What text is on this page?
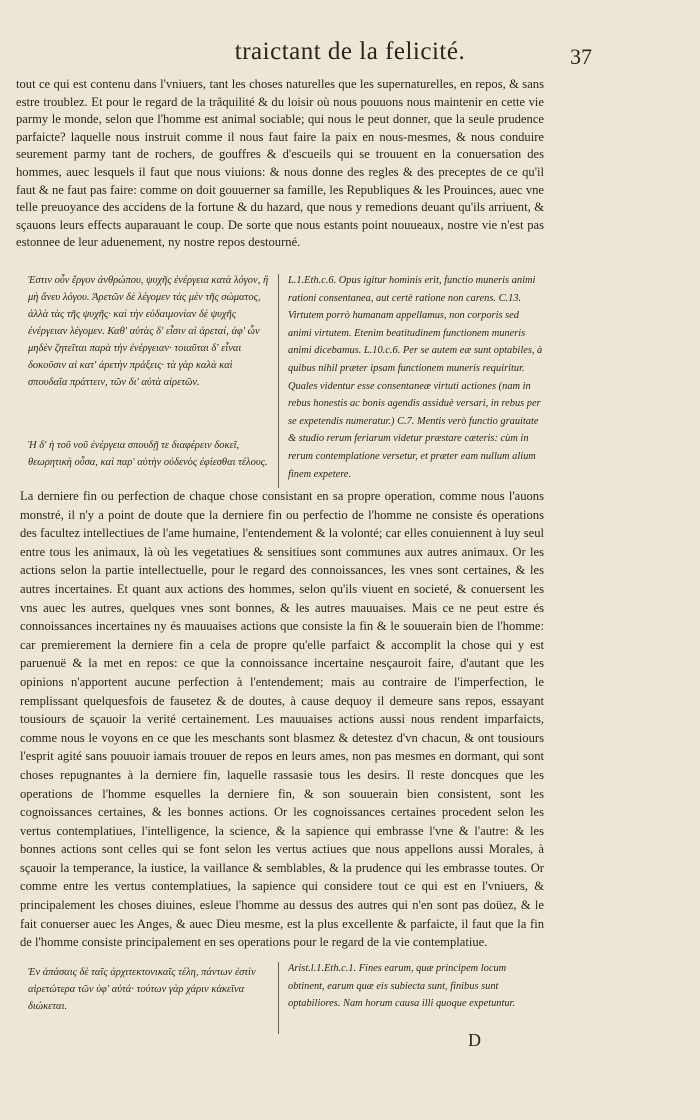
traictant de la felicité.	37

tout ce qui est contenu dans l'vniuers, tant les choses naturelles que les supernaturelles, en repos, & sans estre troublez. Et pour le regard de la trâquilité & du loisir où nous pouuons nous maintenir en cette vie parmy le monde, selon que l'homme est animal sociable; qui nous le peut donner, que la seule prudence parfaicte? laquelle nous instruit comme il nous faut faire la paix en nous-mesmes, & nous conduire seurement parmy tant de rochers, de gouffres & d'escueils qui se trouuent en la conuersation des hommes, auec lesquels il faut que nous viuions: & nous donne des regles & des preceptes de ce qu'il faut & ne faut pas faire: comme on doit gouuerner sa famille, les Republiques & les Prouinces, auec vne telle preuoyance des accidens de la fortune & du hazard, que nous y remedions deuant qu'ils arriuent, & sçauons leurs effects auparauant le coup. De sorte que nous estants point nouueaux, nostre vie n'est pas estonnee de leur aduenement, ny nostre repos destourné.

Ἐστιν οὖν ἔργον ἀνθρώπου, ψυχῆς ἐνέργεια κατὰ λόγον, ἢ μὴ ἄνευ λόγου. Ἀρετῶν δὲ λέγομεν τὰς μὲν τῆς σώματος, ἀλλὰ τὰς τῆς ψυχῆς· καὶ τὴν εὐδαιμονίαν δὲ ψυχῆς ἐνέργειαν λέγομεν. Καθ' αὐτὰς δ' εἶσιν αἱ ἀρεταί, ἀφ' ὧν μηδὲν ζητεῖται παρὰ τὴν ἐνέργειαν· τοιαῦται δ' εἶναι δοκοῦσιν αἱ κατ' ἀρετὴν πράξεις· τὰ γὰρ καλὰ καὶ σπουδαῖα πράττειν, τῶν δι' αὐτὰ αἱρετῶν.

Ἡ δ' ἡ τοῦ νοῦ ἐνέργεια σπουδῇ τε διαφέρειν δοκεῖ, θεωρητικὴ οὖσα, καὶ παρ' αὐτὴν οὐδενὸς ἐφίεσθαι τέλους.

L.1.Eth.c.6. Opus igitur hominis erit, functio muneris animi rationi consentanea, aut certè ratione non carens. C.13. Virtutem porrò humanam appellamus, non corporis sed animi virtutem. Etenim beatitudinem functionem muneris animi dicebamus. L.10.c.6. Per se autem eæ sunt optabiles, à quibus nihil præter ipsam functionem muneris requiritur. Quales videntur esse consentaneæ virtuti actiones (nam in rebus honestis ac bonis agendis assiduè versari, in rebus per se expetendis numeratur.) C.7. Mentis verò functio grauitate & studio rerum feriarum videtur præstare cæteris: cùm in rerum contemplatione versetur, et præter eam nullum alium finem expetere.

La derniere fin ou perfection de chaque chose consistant en sa propre operation, comme nous l'auons monstré, il n'y a point de doute que la derniere fin ou perfectio de l'homme ne consiste és operations des facultez intellectiues de l'ame humaine, l'entendement & la volonté; car elles conuiennent à luy seul entre tous les animaux, là où les vegetatiues & sensitiues sont communes aux autres animaux. Or les actions selon la partie intellectuelle, pour le regard des connoissances, les vnes sont certaines, & les autres incertaines. Et quant aux actions des hommes, selon qu'ils viuent en societé, & conuersent les vns auec les autres, quelques vnes sont bonnes, & les autres mauuaises. Mais ce ne peut estre és connoissances incertaines ny és mauuaises actions que consiste la fin & le souuerain bien de l'homme: car premierement la derniere fin a cela de propre qu'elle parfaict & accomplit la chose qui y est paruenuë & la met en repos: ce que la connoissance incertaine nesçauroit faire, d'autant que les opinions n'apportent aucune perfection à l'entendement; mais au contraire de l'imperfection, le remplissant quelquesfois de fausetez & de doutes, à cause dequoy il demeure sans repos, essayant tousiours de sçauoir la verité certainement. Les mauuaises actions aussi nous rendent imparfaicts, comme nous le voyons en ce que les meschants sont blasmez & detestez d'vn chacun, & ont tousiours l'esprit agité sans pouuoir iamais trouuer de repos en leurs ames, non pas mesmes en dormant, qui sont choses repugnantes à la derniere fin, laquelle rassasie tous les desirs. Il reste doncques que les operations de l'homme esquelles la derniere fin, & son souuerain bien consistent, sont les cognoissances certaines, & les bonnes actions. Or les cognoissances certaines procedent selon les vertus contemplatiues, l'intelligence, la science, & la sapience qui embrasse l'vne & l'autre: & les bonnes actions sont celles qui se font selon les vertus actiues que nous appellons aussi Morales, à sçauoir la temperance, la iustice, la vaillance & semblables, & la prudence qui les embrasse toutes. Or comme entre les vertus contemplatiues, la sapience qui considere tout ce qui est en l'vniuers, & principalement les choses diuines, esleue l'homme au dessus des autres qui n'en sont pas doüez, & le fait conuerser auec les Anges, & auec Dieu mesme, est la plus excellente & parfaicte, il faut que la fin de l'homme consiste principalement en ses operations pour le regard de la vie contemplatiue.

Ἐν ἁπάσαις δὲ ταῖς ἀρχιτεκτονικαῖς τέλη, πάντων ἐστὶν αἱρετώτερα τῶν ὑφ' αὐτά· τούτων γὰρ χάριν κἀκεῖνα διώκεται.

Arist.l.1.Eth.c.1. Fines earum, quæ principem locum obtinent, earum quæ eis subiecta sunt, finibus sunt optabiliores. Nam horum causa illi quoque expetuntur.

D
